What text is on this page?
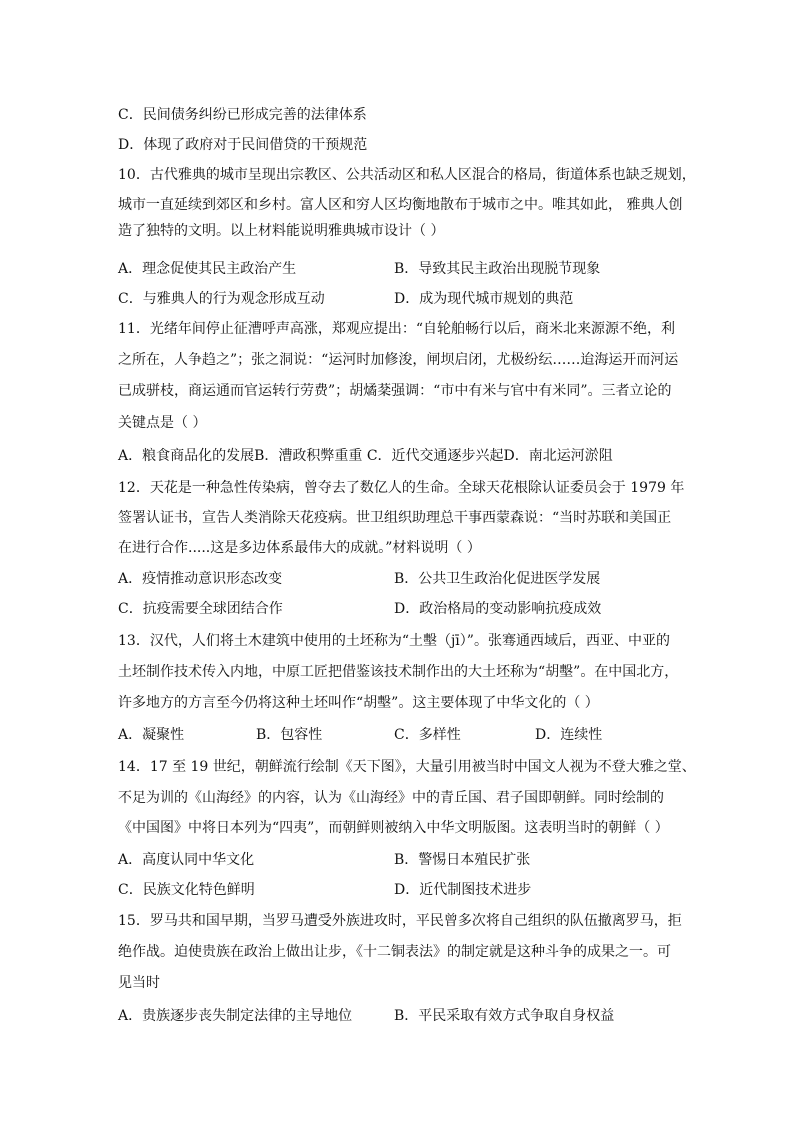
C．民间债务纠纷已形成完善的法律体系
D．体现了政府对于民间借贷的干预规范
10．古代雅典的城市呈现出宗教区、公共活动区和私人区混合的格局，街道体系也缺乏规划，
城市一直延续到郊区和乡村。富人区和穷人区均衡地散布于城市之中。唯其如此， 雅典人创
造了独特的文明。以上材料能说明雅典城市设计（ ）
A．理念促使其民主政治产生	B．导致其民主政治出现脱节现象
C．与雅典人的行为观念形成互动	D．成为现代城市规划的典范
11．光绪年间停止征漕呼声高涨，郑观应提出：“自轮舶畅行以后，商米北来源源不绝，利
之所在，人争趋之”；张之洞说：“运河时加修浚，闸坝启闭，尤极纷纭……迨海运开而河运
已成骈枝，商运通而官运转行劳费”；胡燏棻强调：“市中有米与官中有米同”。三者立论的
关键点是（ ）
A．粮食商品化的发展B．漕政积弊重重 C．近代交通逐步兴起D．南北运河淤阻
12．天花是一种急性传染病，曾夺去了数亿人的生命。全球天花根除认证委员会于 1979 年
签署认证书，宣告人类消除天花疫病。世卫组织助理总干事西蒙森说：“当时苏联和美国正
在进行合作.....这是多边体系最伟大的成就。”材料说明（ ）
A．疫情推动意识形态改变	B．公共卫生政治化促进医学发展
C．抗疫需要全球团结合作	D．政治格局的变动影响抗疫成效
13．汉代，人们将土木建筑中使用的土坯称为“土墼（jī）”。张骞通西域后，西亚、中亚的
土坯制作技术传入内地，中原工匠把借鉴该技术制作出的大土坯称为“胡墼”。在中国北方，
许多地方的方言至今仍将这种土坯叫作“胡墼”。这主要体现了中华文化的（ ）
A．凝聚性	B．包容性	C．多样性	D．连续性
14．17 至 19 世纪，朝鲜流行绘制《天下图》，大量引用被当时中国文人视为不登大雅之堂、
不足为训的《山海经》的内容，认为《山海经》中的青丘国、君子国即朝鲜。同时绘制的
《中国图》中将日本列为“四夷”，而朝鲜则被纳入中华文明版图。这表明当时的朝鲜（ ）
A．高度认同中华文化	B．警惕日本殖民扩张
C．民族文化特色鲜明	D．近代制图技术进步
15．罗马共和国早期，当罗马遭受外族进攻时，平民曾多次将自己组织的队伍撤离罗马，拒
绝作战。迫使贵族在政治上做出让步，《十二铜表法》的制定就是这种斗争的成果之一。可
见当时
A．贵族逐步丧失制定法律的主导地位	B．平民采取有效方式争取自身权益
